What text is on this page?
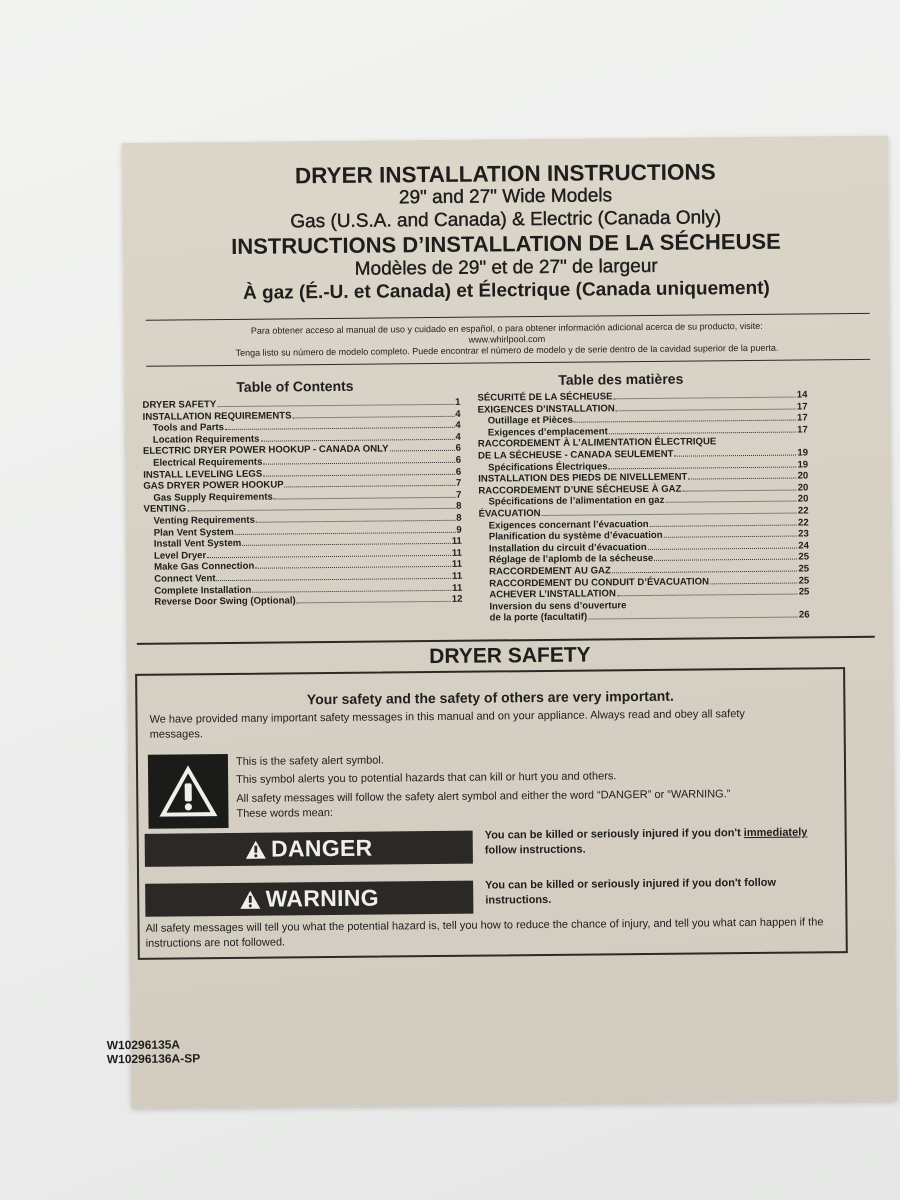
DRYER INSTALLATION INSTRUCTIONS
29" and 27" Wide Models
Gas (U.S.A. and Canada) & Electric (Canada Only)
INSTRUCTIONS D’INSTALLATION DE LA SÉCHEUSE
Modèles de 29" et de 27" de largeur
À gaz (É.-U. et Canada) et Électrique (Canada uniquement)
Para obtener acceso al manual de uso y cuidado en español, o para obtener información adicional acerca de su producto, visite:
www.whirlpool.com
Tenga listo su número de modelo completo. Puede encontrar el número de modelo y de serie dentro de la cavidad superior de la puerta.
Table of Contents
DRYER SAFETY	1
INSTALLATION REQUIREMENTS	4
Tools and Parts	4
Location Requirements	4
ELECTRIC DRYER POWER HOOKUP - CANADA ONLY	6
Electrical Requirements	6
INSTALL LEVELING LEGS	6
GAS DRYER POWER HOOKUP	7
Gas Supply Requirements	7
VENTING	8
Venting Requirements	8
Plan Vent System	9
Install Vent System	11
Level Dryer	11
Make Gas Connection	11
Connect Vent	11
Complete Installation	11
Reverse Door Swing (Optional)	12
Table des matières
SÉCURITÉ DE LA SÉCHEUSE	14
EXIGENCES D’INSTALLATION	17
Outillage et Pièces	17
Exigences d’emplacement	17
RACCORDEMENT À L’ALIMENTATION ÉLECTRIQUE
DE LA SÉCHEUSE - CANADA SEULEMENT	19
Spécifications Électriques	19
INSTALLATION DES PIEDS DE NIVELLEMENT	20
RACCORDEMENT D’UNE SÉCHEUSE À GAZ	20
Spécifications de l’alimentation en gaz	20
ÉVACUATION	22
Exigences concernant l’évacuation	22
Planification du système d’évacuation	23
Installation du circuit d’évacuation	24
Réglage de l’aplomb de la sécheuse	25
RACCORDEMENT AU GAZ	25
RACCORDEMENT DU CONDUIT D’ÉVACUATION	25
ACHEVER L’INSTALLATION	25
Inversion du sens d’ouverture
de la porte (facultatif)	26
DRYER SAFETY
Your safety and the safety of others are very important.
We have provided many important safety messages in this manual and on your appliance. Always read and obey all safety messages.
This is the safety alert symbol.
This symbol alerts you to potential hazards that can kill or hurt you and others.
All safety messages will follow the safety alert symbol and either the word “DANGER” or “WARNING.”
These words mean:
DANGER
You can be killed or seriously injured if you don't immediately
follow instructions.
WARNING
You can be killed or seriously injured if you don't follow
instructions.
All safety messages will tell you what the potential hazard is, tell you how to reduce the chance of injury, and tell you what can happen if the instructions are not followed.
W10296135A
W10296136A-SP
